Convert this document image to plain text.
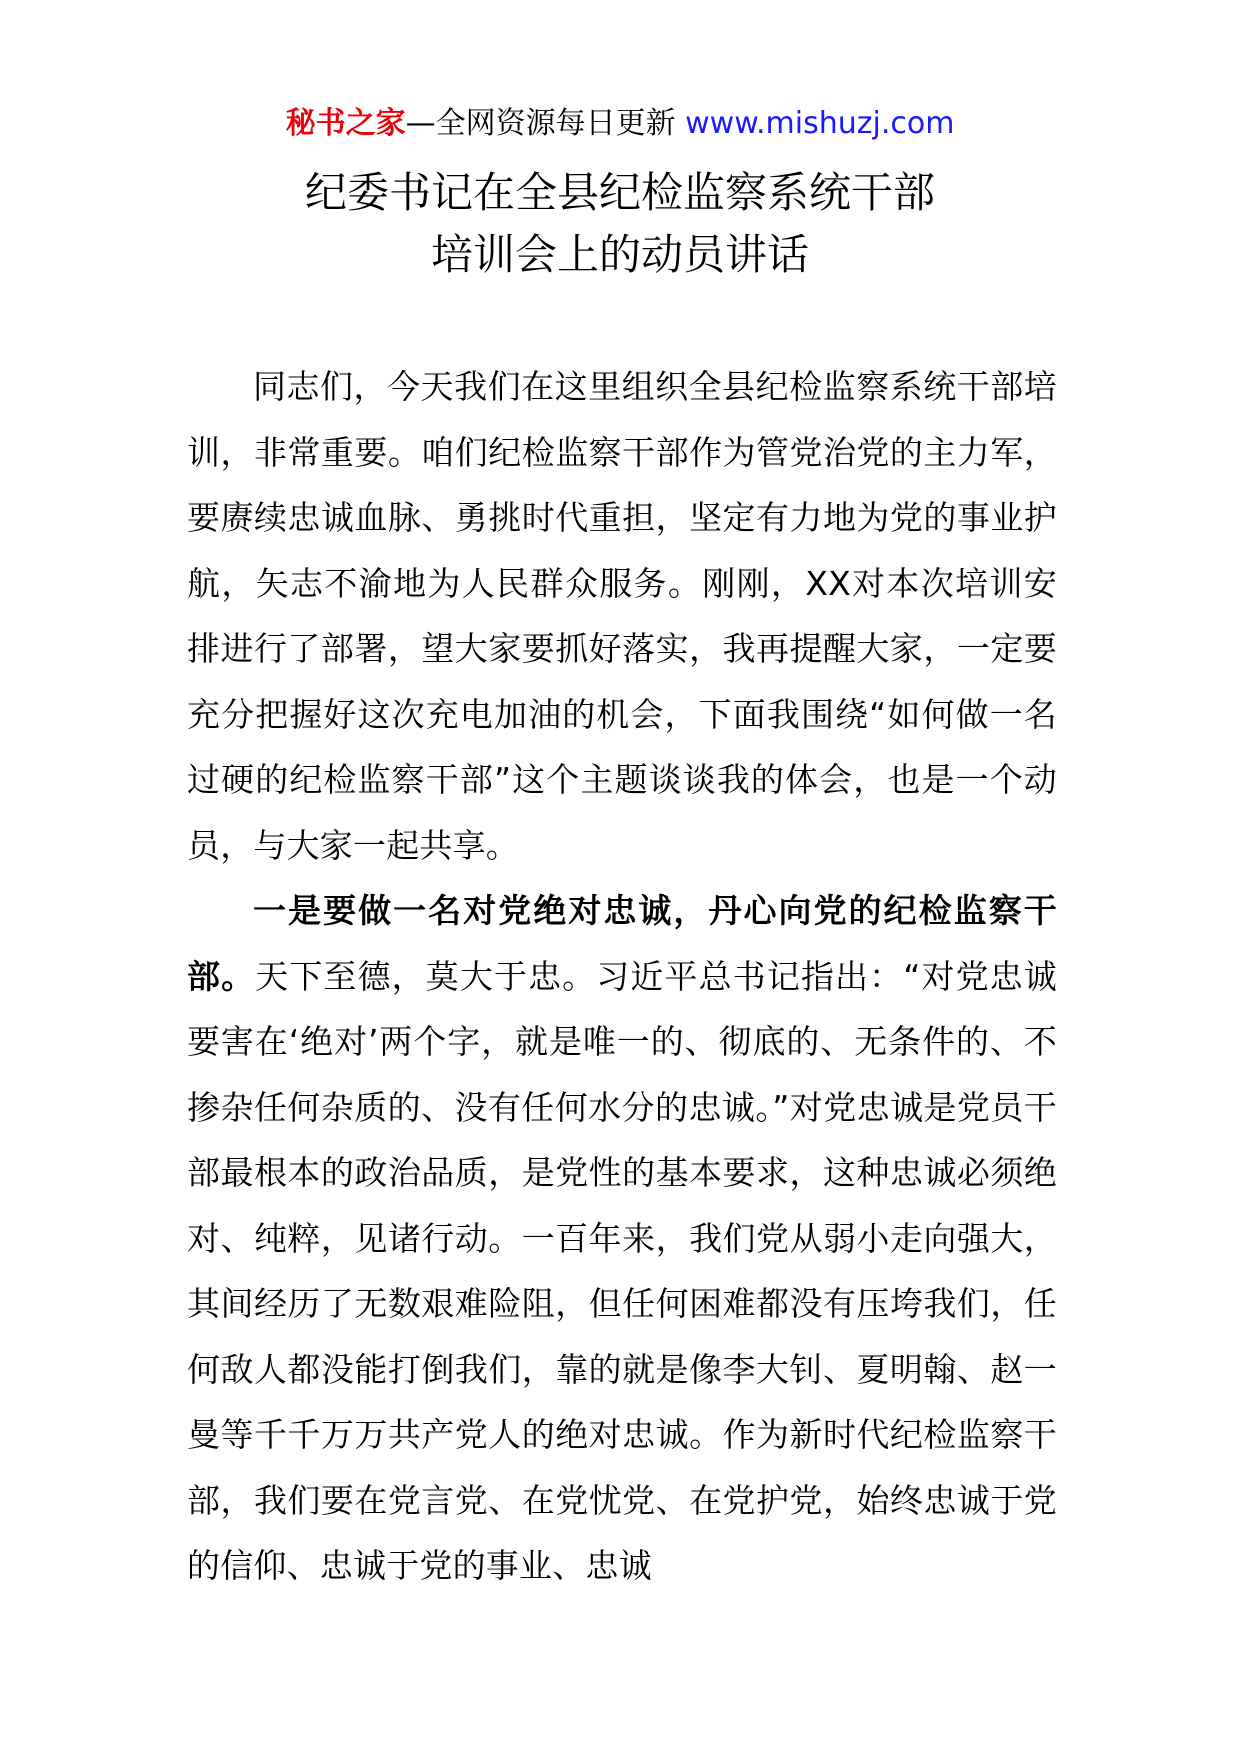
秘书之家—全网资源每日更新 www.mishuzj.com
纪委书记在全县纪检监察系统干部
培训会上的动员讲话

同志们，今天我们在这里组织全县纪检监察系统干部培训，非常重要。咱们纪检监察干部作为管党治党的主力军，要赓续忠诚血脉、勇挑时代重担，坚定有力地为党的事业护航，矢志不渝地为人民群众服务。刚刚，XX对本次培训安排进行了部署，望大家要抓好落实，我再提醒大家，一定要充分把握好这次充电加油的机会，下面我围绕“如何做一名过硬的纪检监察干部”这个主题谈谈我的体会，也是一个动员，与大家一起共享。

一是要做一名对党绝对忠诚，丹心向党的纪检监察干部。天下至德，莫大于忠。习近平总书记指出：“对党忠诚要害在‘绝对’两个字，就是唯一的、彻底的、无条件的、不掺杂任何杂质的、没有任何水分的忠诚。”对党忠诚是党员干部最根本的政治品质，是党性的基本要求，这种忠诚必须绝对、纯粹，见诸行动。一百年来，我们党从弱小走向强大，其间经历了无数艰难险阻，但任何困难都没有压垮我们，任何敌人都没能打倒我们，靠的就是像李大钊、夏明翰、赵一曼等千千万万共产党人的绝对忠诚。作为新时代纪检监察干部，我们要在党言党、在党忧党、在党护党，始终忠诚于党的信仰、忠诚于党的事业、忠诚
